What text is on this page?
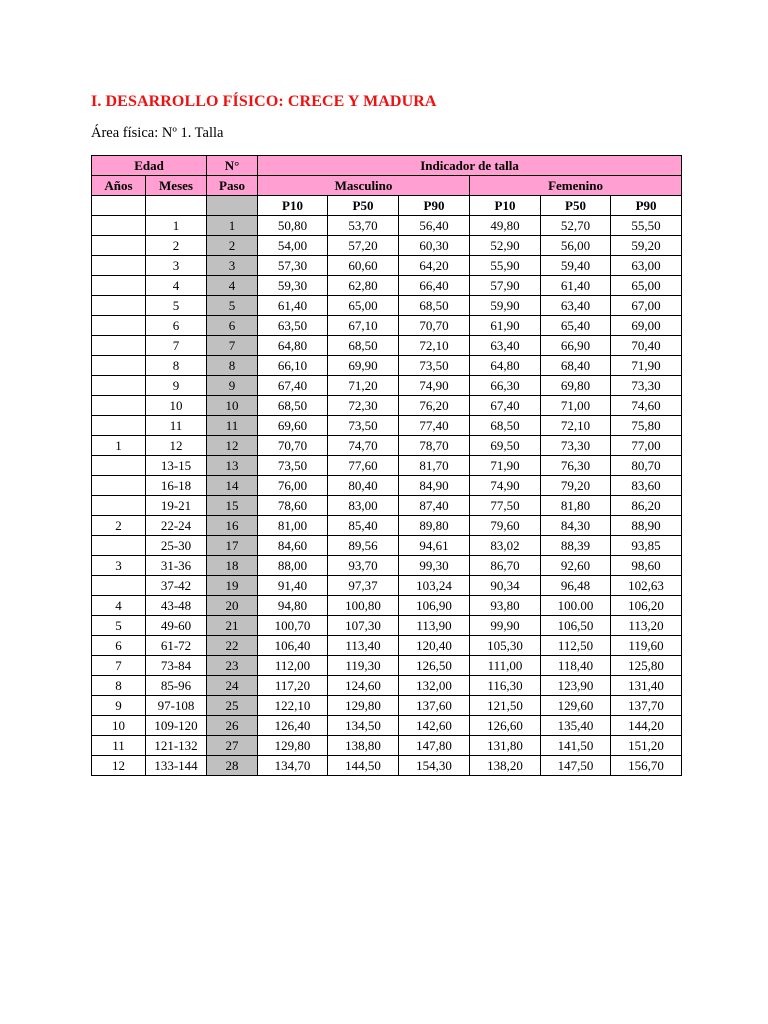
I. DESARROLLO FÍSICO: CRECE Y MADURA

Área física: Nº 1. Talla

Edad		N°	Indicador de talla					
Años	Meses	Paso	Masculino			Femenino		
			P10	P50	P90	P10	P50	P90
	1	1	50,80	53,70	56,40	49,80	52,70	55,50
	2	2	54,00	57,20	60,30	52,90	56,00	59,20
	3	3	57,30	60,60	64,20	55,90	59,40	63,00
	4	4	59,30	62,80	66,40	57,90	61,40	65,00
	5	5	61,40	65,00	68,50	59,90	63,40	67,00
	6	6	63,50	67,10	70,70	61,90	65,40	69,00
	7	7	64,80	68,50	72,10	63,40	66,90	70,40
	8	8	66,10	69,90	73,50	64,80	68,40	71,90
	9	9	67,40	71,20	74,90	66,30	69,80	73,30
	10	10	68,50	72,30	76,20	67,40	71,00	74,60
	11	11	69,60	73,50	77,40	68,50	72,10	75,80
1	12	12	70,70	74,70	78,70	69,50	73,30	77,00
	13-15	13	73,50	77,60	81,70	71,90	76,30	80,70
	16-18	14	76,00	80,40	84,90	74,90	79,20	83,60
	19-21	15	78,60	83,00	87,40	77,50	81,80	86,20
2	22-24	16	81,00	85,40	89,80	79,60	84,30	88,90
	25-30	17	84,60	89,56	94,61	83,02	88,39	93,85
3	31-36	18	88,00	93,70	99,30	86,70	92,60	98,60
	37-42	19	91,40	97,37	103,24	90,34	96,48	102,63
4	43-48	20	94,80	100,80	106,90	93,80	100.00	106,20
5	49-60	21	100,70	107,30	113,90	99,90	106,50	113,20
6	61-72	22	106,40	113,40	120,40	105,30	112,50	119,60
7	73-84	23	112,00	119,30	126,50	111,00	118,40	125,80
8	85-96	24	117,20	124,60	132,00	116,30	123,90	131,40
9	97-108	25	122,10	129,80	137,60	121,50	129,60	137,70
10	109-120	26	126,40	134,50	142,60	126,60	135,40	144,20
11	121-132	27	129,80	138,80	147,80	131,80	141,50	151,20
12	133-144	28	134,70	144,50	154,30	138,20	147,50	156,70
